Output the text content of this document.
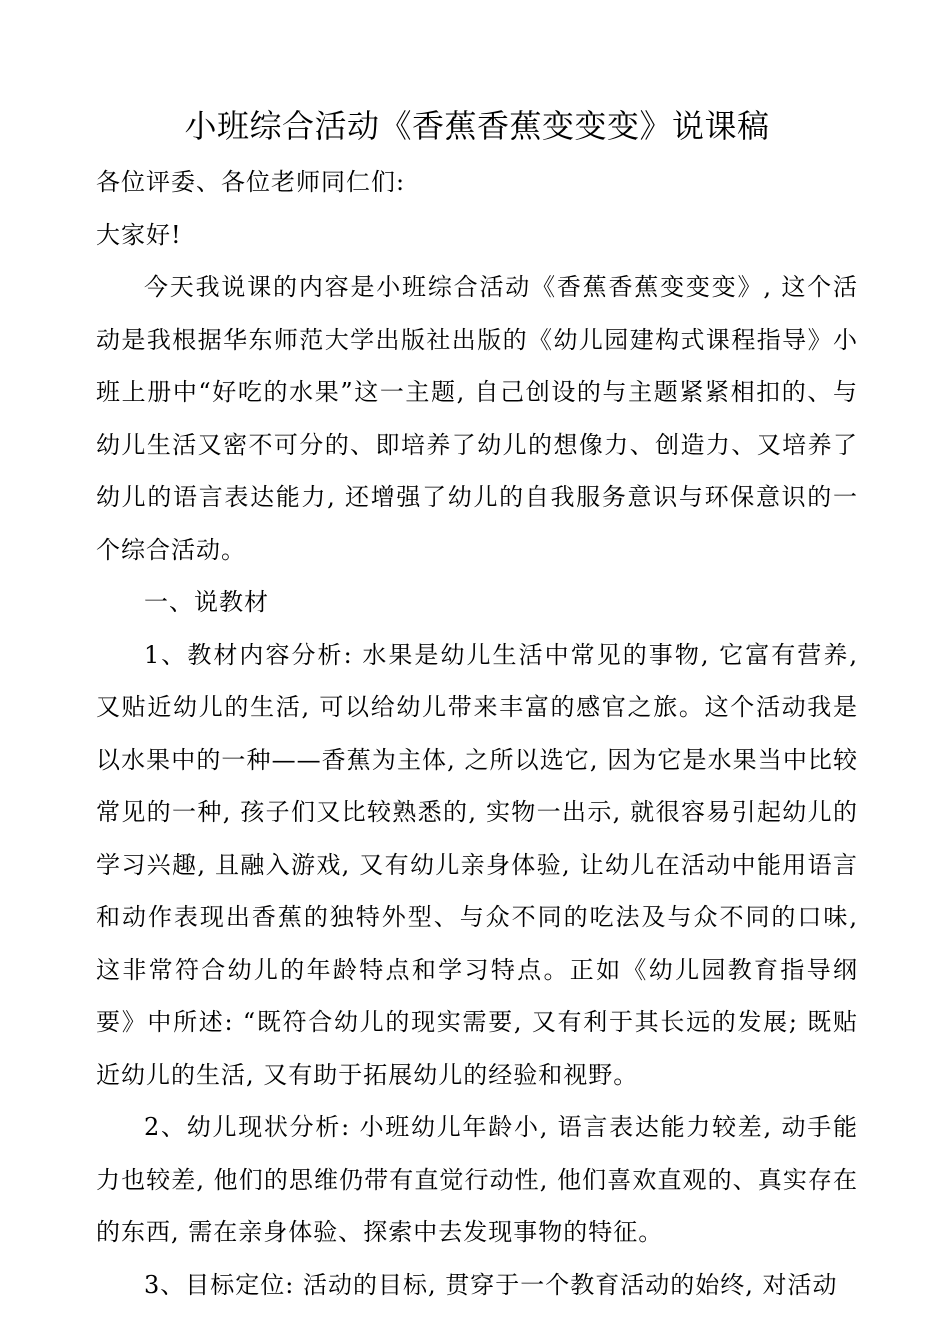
小班综合活动《香蕉香蕉变变变》说课稿

各位评委、各位老师同仁们:

大家好!

今天我说课的内容是小班综合活动《香蕉香蕉变变变》, 这个活动是我根据华东师范大学出版社出版的《幼儿园建构式课程指导》小班上册中“好吃的水果”这一主题, 自己创设的与主题紧紧相扣的、与幼儿生活又密不可分的、即培养了幼儿的想像力、创造力、又培养了幼儿的语言表达能力, 还增强了幼儿的自我服务意识与环保意识的一个综合活动。

一、说教材

1、教材内容分析: 水果是幼儿生活中常见的事物, 它富有营养, 又贴近幼儿的生活, 可以给幼儿带来丰富的感官之旅。这个活动我是以水果中的一种——香蕉为主体, 之所以选它, 因为它是水果当中比较常见的一种, 孩子们又比较熟悉的, 实物一出示, 就很容易引起幼儿的学习兴趣, 且融入游戏, 又有幼儿亲身体验, 让幼儿在活动中能用语言和动作表现出香蕉的独特外型、与众不同的吃法及与众不同的口味, 这非常符合幼儿的年龄特点和学习特点。正如《幼儿园教育指导纲要》中所述: “既符合幼儿的现实需要, 又有利于其长远的发展; 既贴近幼儿的生活, 又有助于拓展幼儿的经验和视野。

2、幼儿现状分析: 小班幼儿年龄小, 语言表达能力较差, 动手能力也较差, 他们的思维仍带有直觉行动性, 他们喜欢直观的、真实存在的东西, 需在亲身体验、探索中去发现事物的特征。

3、目标定位: 活动的目标, 贯穿于一个教育活动的始终, 对活动
